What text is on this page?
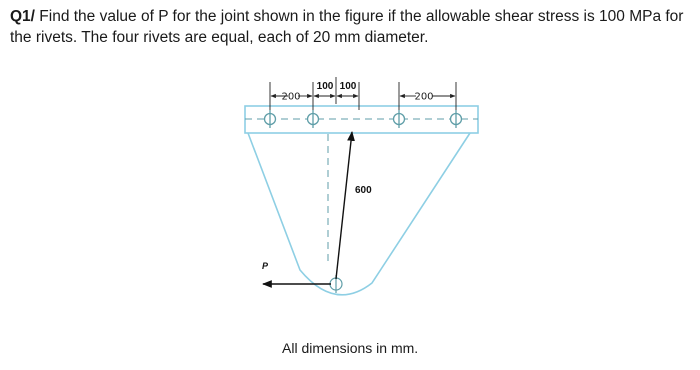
Q1/ Find the value of P for the joint shown in the figure if the allowable shear stress is 100 MPa for the rivets. The four rivets are equal, each of 20 mm diameter.

200
100 100
200
600
P
All dimensions in mm.
